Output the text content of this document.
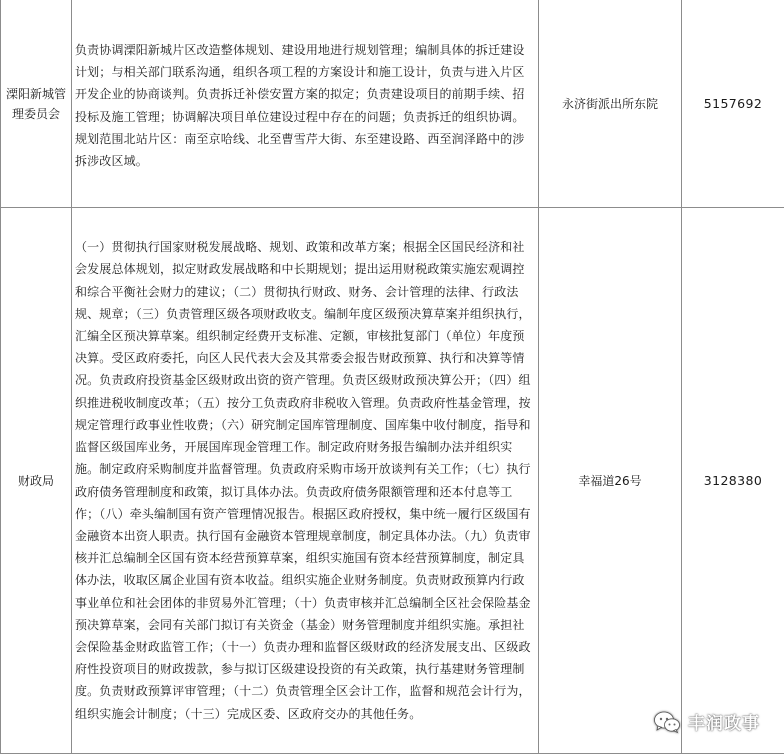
溧阳新城管理委员会	负责协调溧阳新城片区改造整体规划、建设用地进行规划管理；编制具体的拆迁建设计划；与相关部门联系沟通，组织各项工程的方案设计和施工设计，负责与进入片区开发企业的协商谈判。负责拆迁补偿安置方案的拟定；负责建设项目的前期手续、招投标及施工管理；协调解决项目单位建设过程中存在的问题；负责拆迁的组织协调。规划范围北站片区：南至京哈线、北至曹雪芹大街、东至建设路、西至润泽路中的涉拆涉改区域。	永济街派出所东院	5157692
财政局	（一）贯彻执行国家财税发展战略、规划、政策和改革方案；根据全区国民经济和社会发展总体规划，拟定财政发展战略和中长期规划；提出运用财税政策实施宏观调控和综合平衡社会财力的建议；（二）贯彻执行财政、财务、会计管理的法律、行政法规、规章；（三）负责管理区级各项财政收支。编制年度区级预决算草案并组织执行，汇编全区预决算草案。组织制定经费开支标准、定额，审核批复部门（单位）年度预决算。受区政府委托，向区人民代表大会及其常委会报告财政预算、执行和决算等情况。负责政府投资基金区级财政出资的资产管理。负责区级财政预决算公开；（四）组织推进税收制度改革；（五）按分工负责政府非税收入管理。负责政府性基金管理，按规定管理行政事业性收费；（六）研究制定国库管理制度、国库集中收付制度，指导和监督区级国库业务，开展国库现金管理工作。制定政府财务报告编制办法并组织实施。制定政府采购制度并监督管理。负责政府采购市场开放谈判有关工作；（七）执行政府债务管理制度和政策，拟订具体办法。负责政府债务限额管理和还本付息等工作；（八）牵头编制国有资产管理情况报告。根据区政府授权，集中统一履行区级国有金融资本出资人职责。执行国有金融资本管理规章制度，制定具体办法。（九）负责审核并汇总编制全区国有资本经营预算草案，组织实施国有资本经营预算制度，制定具体办法，收取区属企业国有资本收益。组织实施企业财务制度。负责财政预算内行政事业单位和社会团体的非贸易外汇管理；（十）负责审核并汇总编制全区社会保险基金预决算草案，会同有关部门拟订有关资金（基金）财务管理制度并组织实施。承担社会保险基金财政监管工作；（十一）负责办理和监督区级财政的经济发展支出、区级政府性投资项目的财政拨款，参与拟订区级建设投资的有关政策，执行基建财务管理制度。负责财政预算评审管理；（十二）负责管理全区会计工作，监督和规范会计行为，组织实施会计制度；（十三）完成区委、区政府交办的其他任务。	幸福道26号	3128380
丰润政事
